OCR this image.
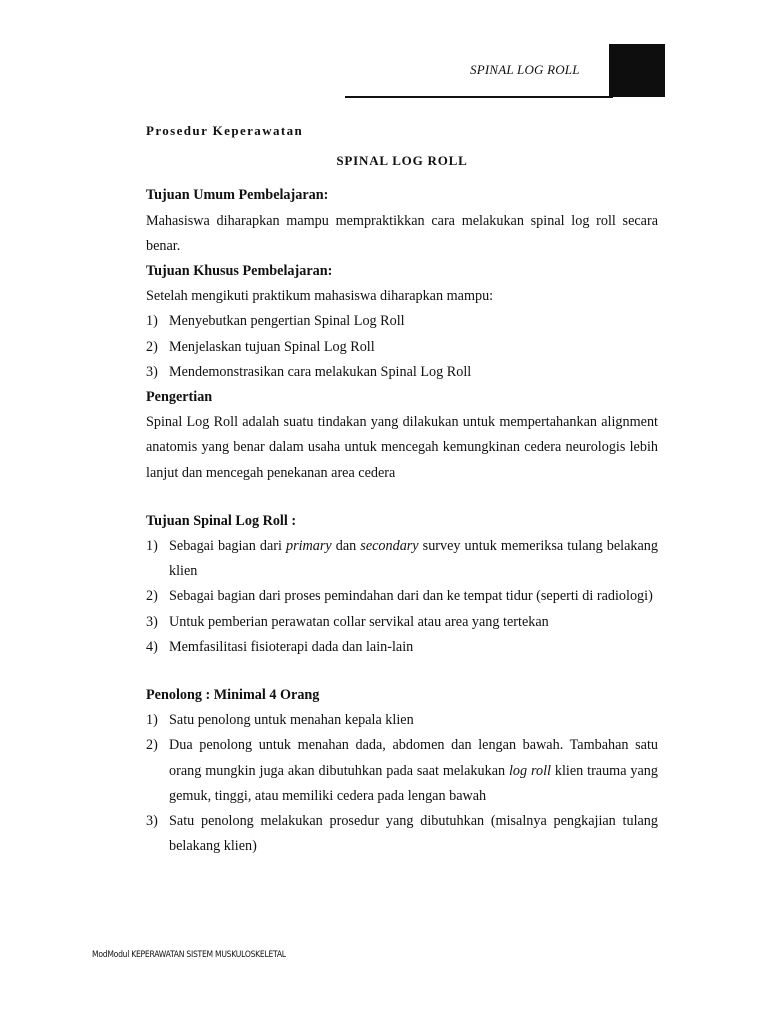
SPINAL LOG ROLL
Prosedur Keperawatan
SPINAL LOG ROLL
Tujuan Umum Pembelajaran:
Mahasiswa diharapkan mampu mempraktikkan cara melakukan spinal log roll secara benar.
Tujuan Khusus Pembelajaran:
Setelah mengikuti praktikum mahasiswa diharapkan mampu:
1) Menyebutkan pengertian Spinal Log Roll
2) Menjelaskan tujuan Spinal Log Roll
3) Mendemonstrasikan cara melakukan Spinal Log Roll
Pengertian
Spinal Log Roll adalah suatu tindakan yang dilakukan untuk mempertahankan alignment anatomis yang benar dalam usaha untuk mencegah kemungkinan cedera neurologis lebih lanjut dan mencegah penekanan area cedera
Tujuan Spinal Log Roll :
1) Sebagai bagian dari primary dan secondary survey untuk memeriksa tulang belakang klien
2) Sebagai bagian dari proses pemindahan dari dan ke tempat tidur (seperti di radiologi)
3) Untuk pemberian perawatan collar servikal atau area yang tertekan
4) Memfasilitasi fisioterapi dada dan lain-lain
Penolong : Minimal 4 Orang
1) Satu penolong untuk menahan kepala klien
2) Dua penolong untuk menahan dada, abdomen dan lengan bawah. Tambahan satu orang mungkin juga akan dibutuhkan pada saat melakukan log roll klien trauma yang gemuk, tinggi, atau memiliki cedera pada lengan bawah
3) Satu penolong melakukan prosedur yang dibutuhkan (misalnya pengkajian tulang belakang klien)
ModModul KEPERAWATAN SISTEM MUSKULOSKELETAL
